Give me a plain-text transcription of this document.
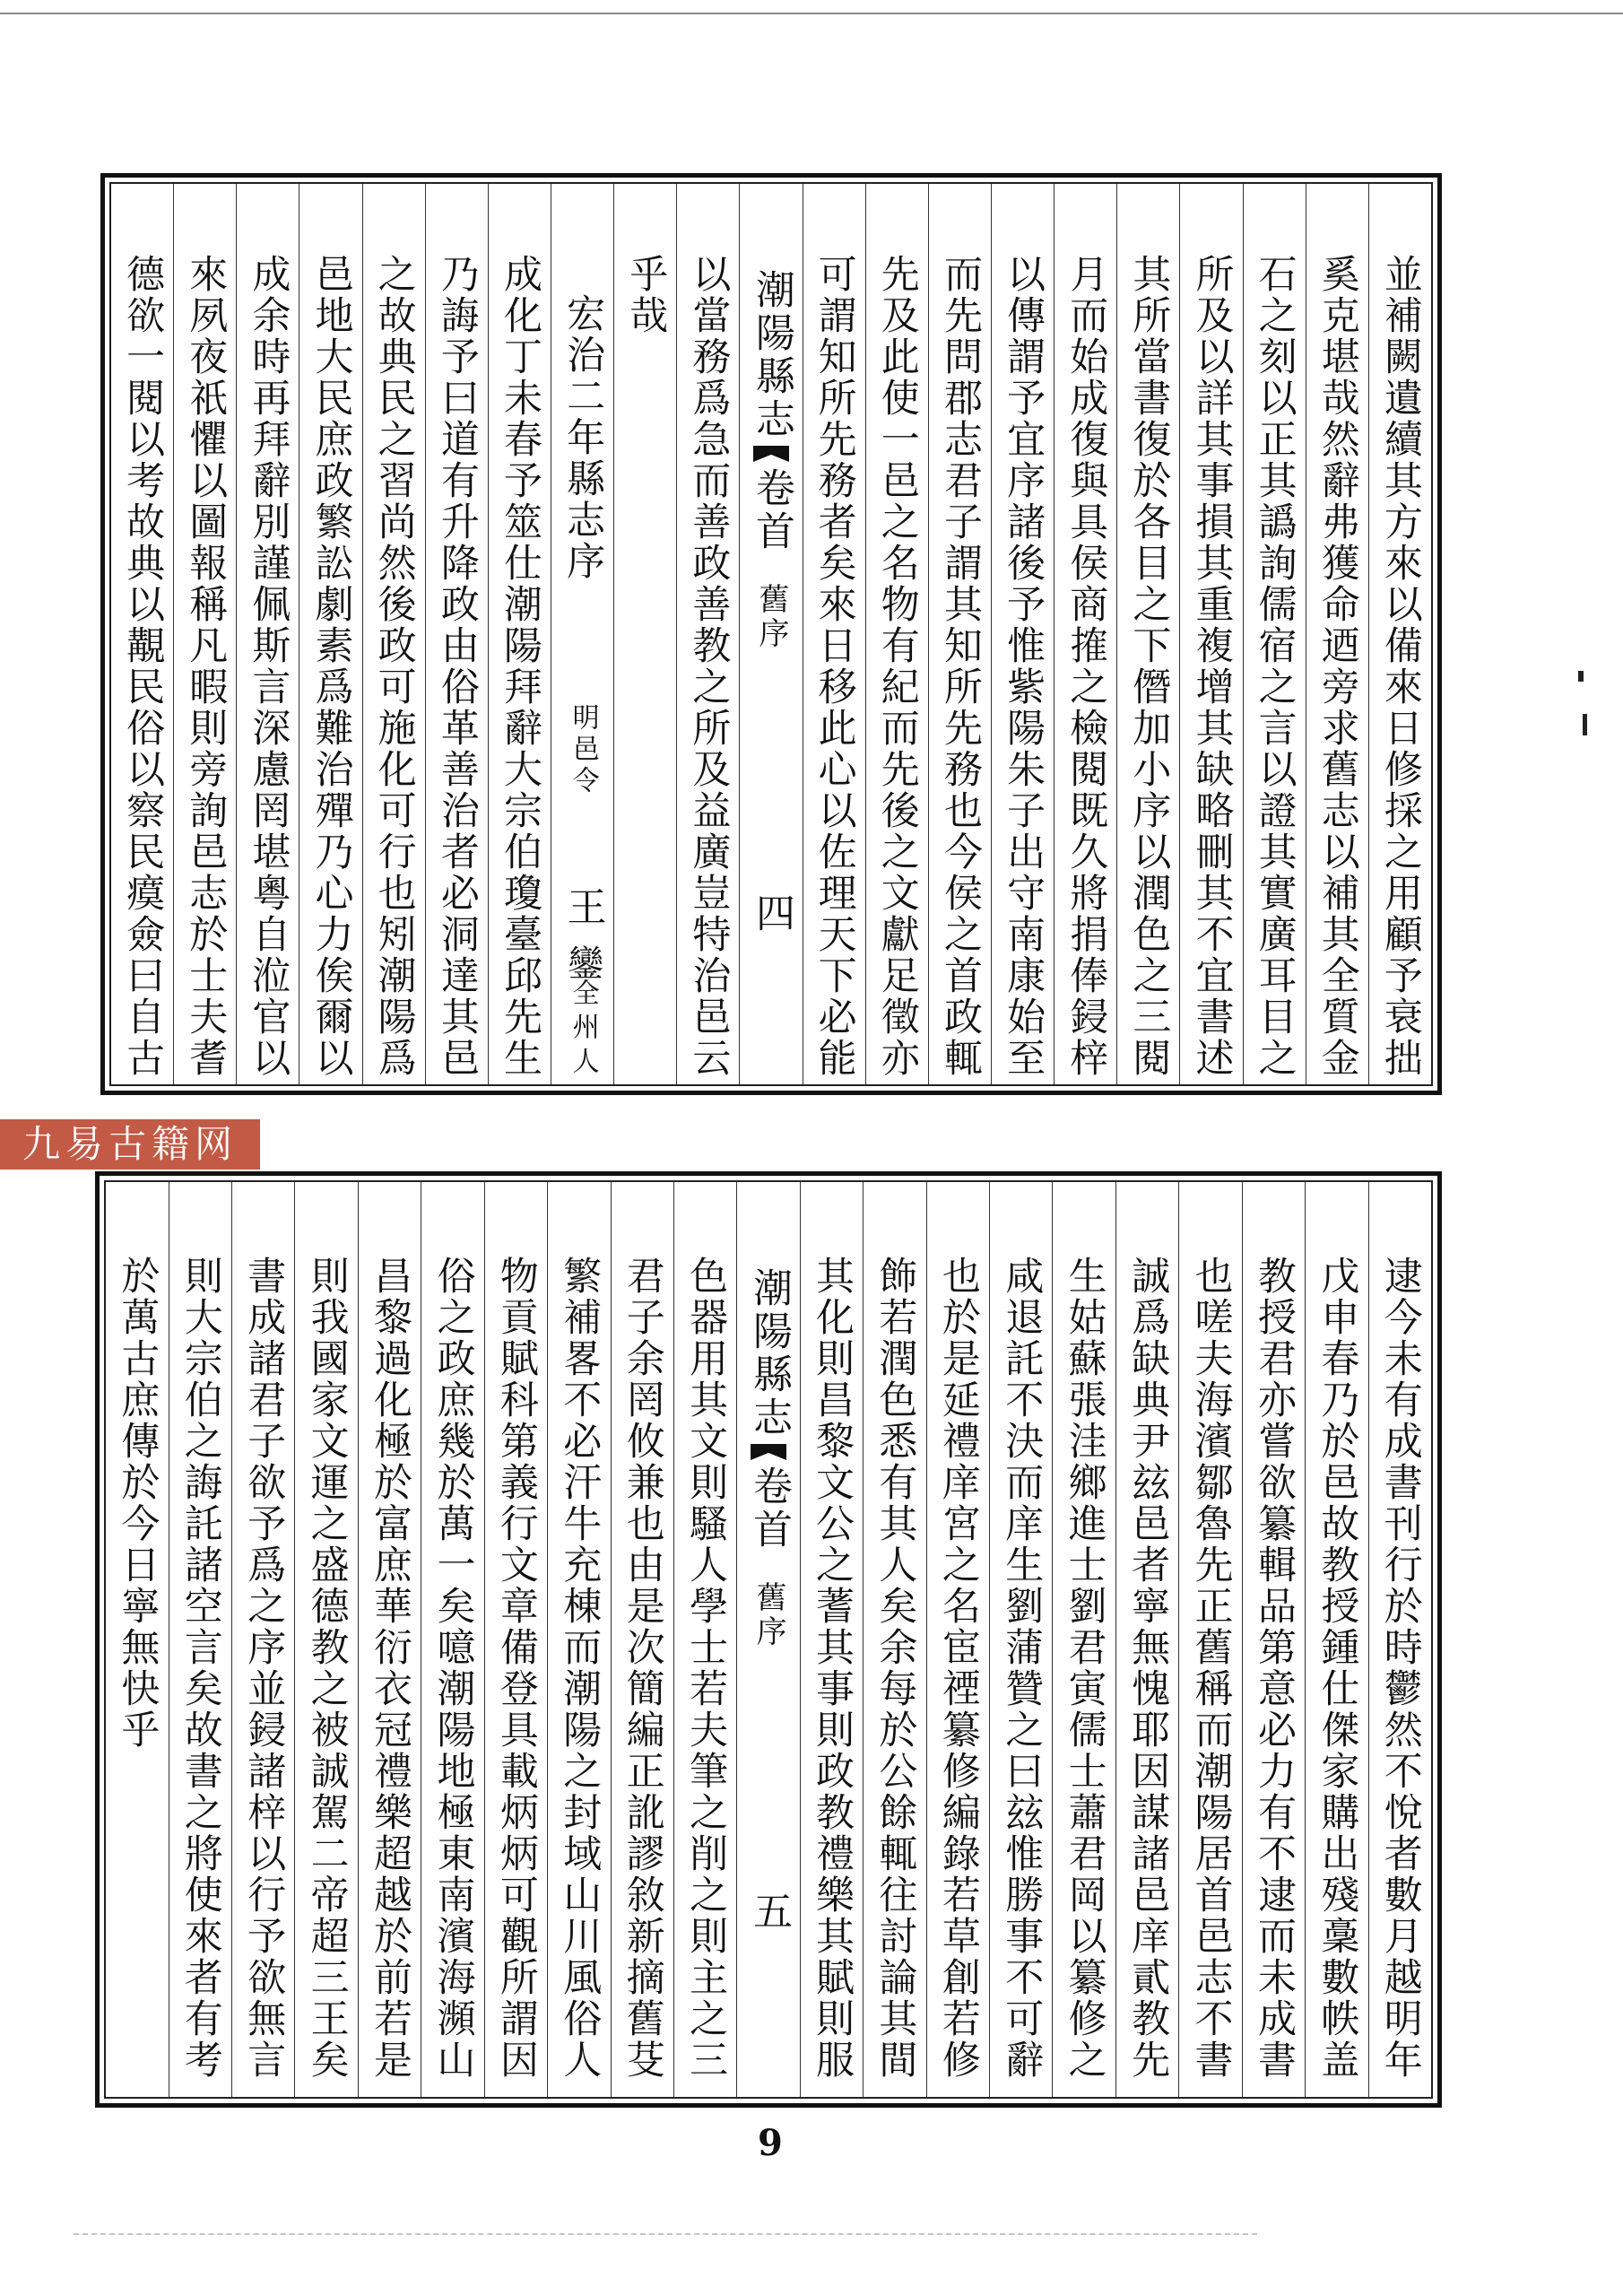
並補闕遺續其方來以備來日修採之用顧予衰拙
奚克堪哉然辭弗獲命迺旁求舊志以補其全質金
石之刻以正其譌詢儒宿之言以證其實廣耳目之
所及以詳其事損其重複增其缺略刪其不宜書述
其所當書復於各目之下僭加小序以潤色之三閱
月而始成復與具侯商搉之檢閱既久將捐俸鋟梓
以傳謂予宜序諸後予惟紫陽朱子出守南康始至
而先問郡志君子謂其知所先務也今侯之首政輒
先及此使一邑之名物有紀而先後之文獻足徵亦
可謂知所先務者矣來日移此心以佐理天下必能
潮陽縣志
卷首
舊序
四
以當務爲急而善政善教之所及益廣豈特治邑云
乎哉
宏治二年縣志序
明邑令
王
鑾
全州人
成化丁未春予筮仕潮陽拜辭大宗伯瓊臺邱先生
乃誨予曰道有升降政由俗革善治者必洞達其邑
之故典民之習尚然後政可施化可行也矧潮陽爲
邑地大民庶政繁訟劇素爲難治殫乃心力俟爾以
成余時再拜辭別謹佩斯言深慮罔堪粵自涖官以
來夙夜祇懼以圖報稱凡暇則旁詢邑志於士夫耆
德欲一閱以考故典以覯民俗以察民瘼僉曰自古
九易古籍网
逮今未有成書刊行於時鬱然不悅者數月越明年
戊申春乃於邑故教授鍾仕傑家購出殘稾數帙盖
教授君亦嘗欲纂輯品第意必力有不逮而未成書
也嗟夫海濱鄒魯先正舊稱而潮陽居首邑志不書
誠爲缺典尹玆邑者寧無愧耶因謀諸邑庠貳教先
生姑蘇張洼鄉進士劉君寅儒士蕭君岡以纂修之
咸退託不決而庠生劉蒲贊之曰玆惟勝事不可辭
也於是延禮庠宮之名宦禋纂修編錄若草創若修
飾若潤色悉有其人矣余每於公餘輒往討論其間
其化則昌黎文公之蓍其事則政教禮樂其賦則服
潮陽縣志
卷首
舊序
五
色器用其文則騷人學士若夫筆之削之則主之三
君子余罔攸兼也由是次簡編正訛謬敘新摘舊芟
繁補畧不必汗牛充棟而潮陽之封域山川風俗人
物貢賦科第義行文章備登具載炳炳可觀所謂因
俗之政庶幾於萬一矣噫潮陽地極東南濱海瀕山
昌黎過化極於富庶華衍衣冠禮樂超越於前若是
則我國家文運之盛德教之被誠駕二帝超三王矣
書成諸君子欲予爲之序並鋟諸梓以行予欲無言
則大宗伯之誨託諸空言矣故書之將使來者有考
於萬古庶傳於今日寧無快乎
9
